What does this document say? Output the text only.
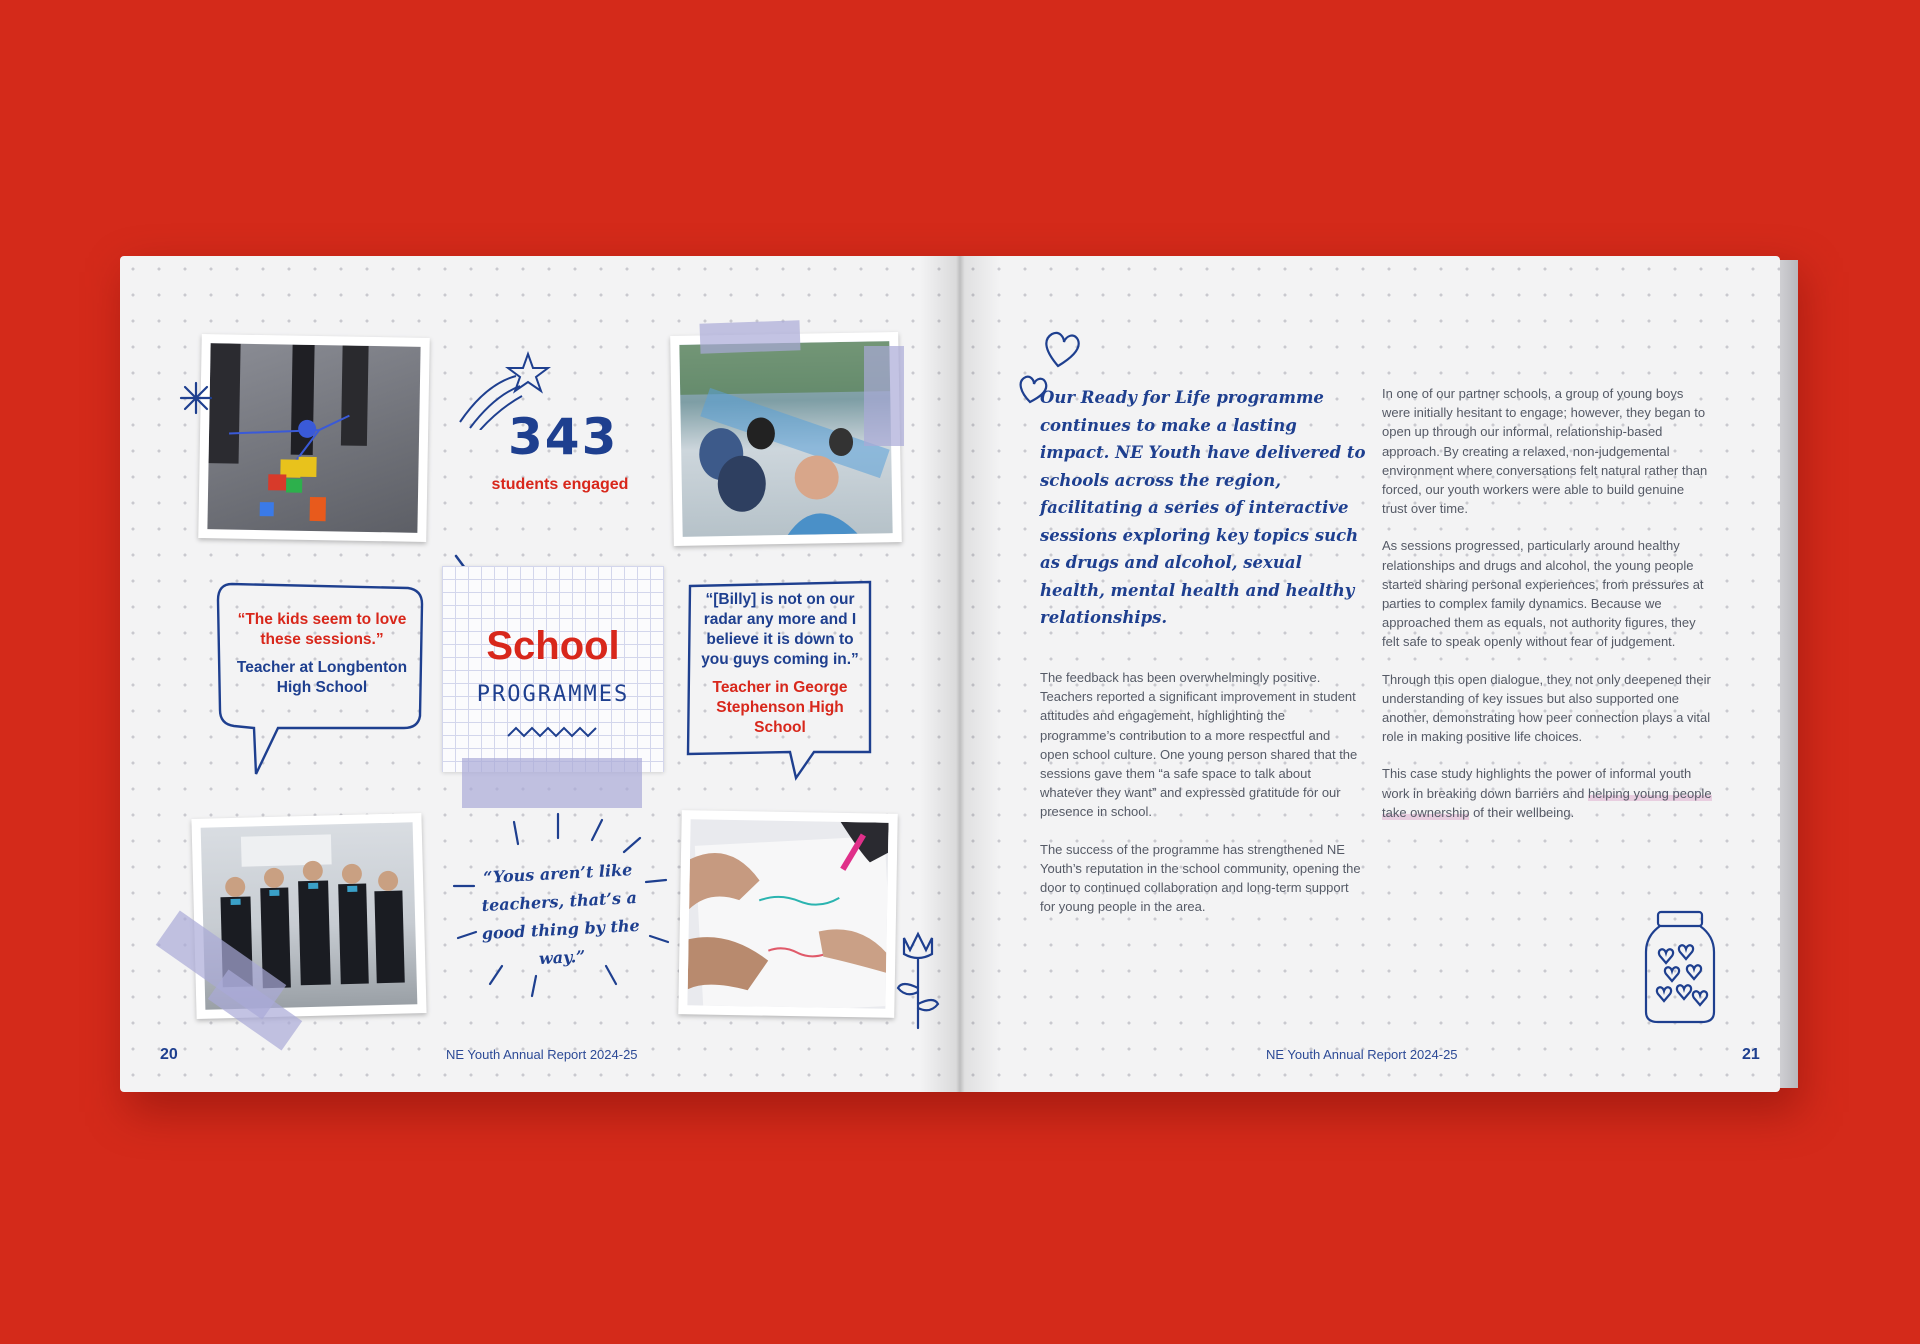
343
students engaged
“The kids seem to love these sessions.”
Teacher at Longbenton High School
“[Billy] is not on our radar any more and I believe it is down to you guys coming in.”
Teacher in George Stephenson High School
School
PROGRAMMES
“Yous aren’t like teachers, that’s a good thing by the way.”
20	NE Youth Annual Report 2024-25
Our Ready for Life programme continues to make a lasting impact. NE Youth have delivered to schools across the region, facilitating a series of interactive sessions exploring key topics such as drugs and alcohol, sexual health, mental health and healthy relationships.

The feedback has been overwhelmingly positive. Teachers reported a significant improvement in student attitudes and engagement, highlighting the programme’s contribution to a more respectful and open school culture. One young person shared that the sessions gave them “a safe space to talk about whatever they want” and expressed gratitude for our presence in school.

The success of the programme has strengthened NE Youth’s reputation in the school community, opening the door to continued collaboration and long-term support for young people in the area.

In one of our partner schools, a group of young boys were initially hesitant to engage; however, they began to open up through our informal, relationship-based approach. By creating a relaxed, non-judgemental environment where conversations felt natural rather than forced, our youth workers were able to build genuine trust over time.

As sessions progressed, particularly around healthy relationships and drugs and alcohol, the young people started sharing personal experiences, from pressures at parties to complex family dynamics. Because we approached them as equals, not authority figures, they felt safe to speak openly without fear of judgement.

Through this open dialogue, they not only deepened their understanding of key issues but also supported one another, demonstrating how peer connection plays a vital role in making positive life choices.

This case study highlights the power of informal youth work in breaking down barriers and helping young people take ownership of their wellbeing.

NE Youth Annual Report 2024-25	21
